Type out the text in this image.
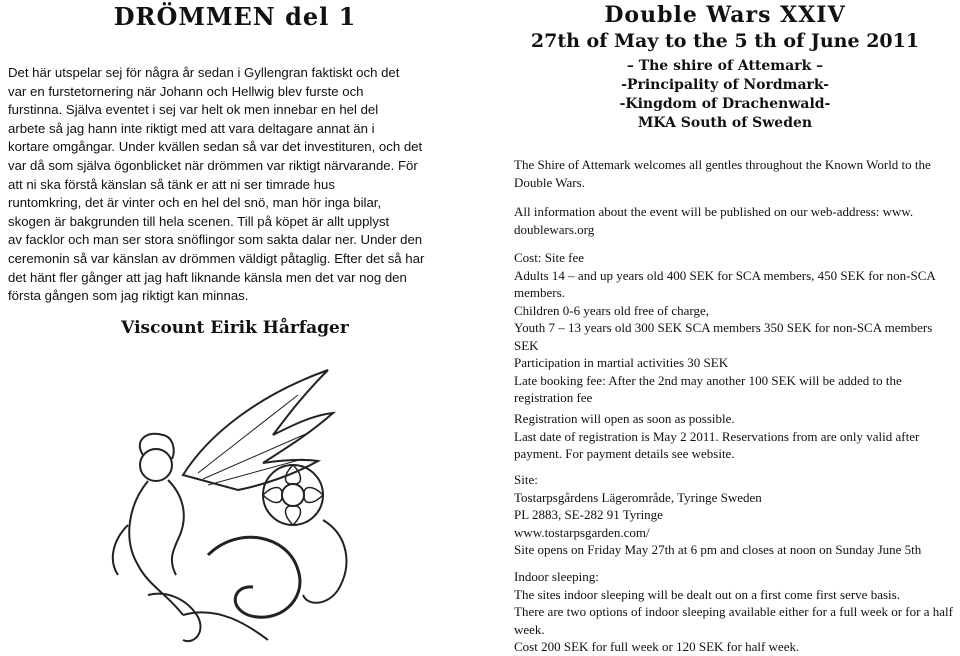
DRÖMMEN del 1

Det här utspelar sej för några år sedan i Gyllengran faktiskt och det
var en furstetornering när Johann och Hellwig blev furste och
furstinna. Själva eventet i sej var helt ok men innebar en hel del
arbete så jag hann inte riktigt med att vara deltagare annat än i
kortare omgångar. Under kvällen sedan så var det investituren, och det
var då som själva ögonblicket när drömmen var riktigt närvarande. För
att ni ska förstå känslan så tänk er att ni ser timrade hus
runtomkring, det är vinter och en hel del snö, man hör inga bilar,
skogen är bakgrunden till hela scenen. Till på köpet är allt upplyst
av facklor och man ser stora snöflingor som sakta dalar ner. Under den
ceremonin så var känslan av drömmen väldigt påtaglig. Efter det så har
det hänt fler gånger att jag haft liknande känsla men det var nog den
första gången som jag riktigt kan minnas.

Viscount Eirik Hårfager
Double Wars XXIV
27th of May to the 5 th of June 2011
– The shire of Attemark –
-Principality of Nordmark-
-Kingdom of Drachenwald-
MKA South of Sweden

The Shire of Attemark welcomes all gentles throughout the Known World to the Double Wars.

All information about the event will be published on our web-address: www. doublewars.org

Cost: Site fee

Adults 14 – and up years old 400 SEK for SCA members, 450 SEK for non-SCA members.

Children 0-6 years old free of charge,

Youth 7 – 13 years old 300 SEK SCA members 350 SEK for non-SCA members SEK

Participation in martial activities 30 SEK

Late booking fee: After the 2nd may another 100 SEK will be added to the registration fee

Registration will open as soon as possible.

Last date of registration is May 2 2011. Reservations from are only valid after payment. For payment details see website.

Site:

Tostarpsgårdens Lägerområde, Tyringe Sweden

PL 2883, SE-282 91 Tyringe

www.tostarpsgarden.com/

Site opens on Friday May 27th at 6 pm and closes at noon on Sunday June 5th

Indoor sleeping:

The sites indoor sleeping will be dealt out on a first come first serve basis.

There are two options of indoor sleeping available either for a full week or for a half week.

Cost 200 SEK for full week or 120 SEK for half week.
